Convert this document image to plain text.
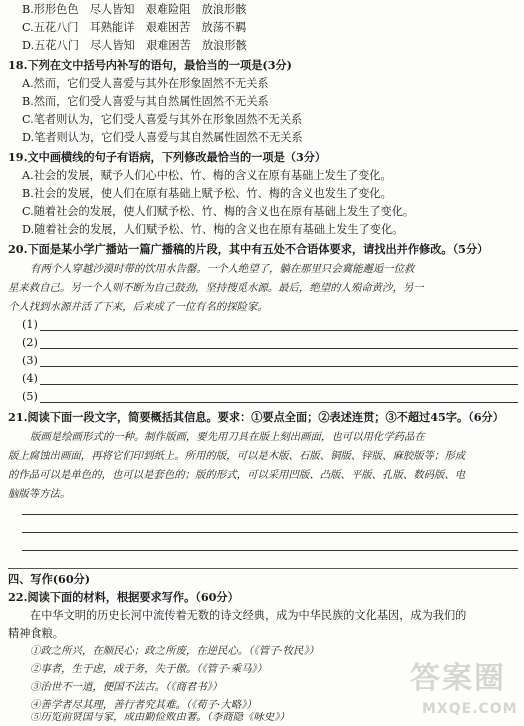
B.形形色色　尽人皆知　艰难险阻　放浪形骸
C.五花八门　耳熟能详　艰难困苦　放荡不羁
D.五花八门　尽人皆知　艰难困苦　放浪形骸
18.下列在文中括号内补写的语句，最恰当的一项是(3分)
A.然而，它们受人喜爱与其外在形象固然不无关系
B.然而，它们受人喜爱与其自然属性固然不无关系
C.笔者则认为，它们受人喜爱与其外在形象固然不无关系
D.笔者则认为，它们受人喜爱与其自然属性固然不无关系
19.文中画横线的句子有语病，下列修改最恰当的一项是（3分）
A.社会的发展，赋予人们心中松、竹、梅的含义在原有基础上发生了变化。
B.社会的发展，使人们在原有基础上赋予松、竹、梅的含义也发生了变化。
C.随着社会的发展，使人们赋予松、竹、梅的含义也在原有基础上发生了变化。
D.随着社会的发展，人们赋予松、竹、梅的含义也在原有基础上发生了变化。
20.下面是某小学广播站一篇广播稿的片段，其中有五处不合语体要求，请找出并作修改。（5分）
有两个人穿越沙漠时带的饮用水告罄。一个人绝望了，躺在那里只会冀能邂逅一位救
星来救自己。另一个人则不断为自己鼓劲，坚持搜觅水源。最后，绝望的人殒命黄沙，另一
个人找到水源并活了下来，后来成了一位有名的探险家。
(1)
(2)
(3)
(4)
(5)
21.阅读下面一段文字，简要概括其信息。要求：①要点全面；②表述连贯；③不超过45字。（6分）
版画是绘画形式的一种。制作版画，要先用刀具在版上刻出画面，也可以用化学药品在
版上腐蚀出画面，再将它们印到纸上。所用的版，可以是木版、石版、铜版、锌版、麻胶版等；形成
的作品可以是单色的，也可以是套色的；版的形式，可以采用凹版、凸版、平版、孔版、数码版、电
脑版等方法。
四、写作(60分)
22.阅读下面的材料，根据要求写作。（60分）
在中华文明的历史长河中流传着无数的诗文经典，成为中华民族的文化基因，成为我们的
精神食粮。
①政之所兴，在顺民心；政之所废，在逆民心。（《管子·牧民》）
②事者，生于虑，成于务，失于傲。（《管子·乘马》）
③治世不一道，便国不法古。（《商君书》）
④善学者尽其理，善行者究其难。（《荀子·大略》）
⑤历览前贤国与家，成由勤俭败由奢。（李商隐《咏史》）
答案圈
MXQE.COM
